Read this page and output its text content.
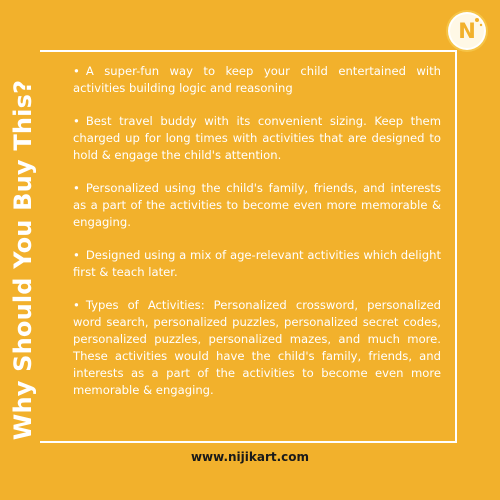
Why Should You Buy This?
N

• A super-fun way to keep your child entertained with activities building logic and reasoning

• Best travel buddy with its convenient sizing. Keep them charged up for long times with activities that are designed to hold & engage the child's attention.

• Personalized using the child's family, friends, and interests as a part of the activities to become even more memorable & engaging.

• Designed using a mix of age-relevant activities which delight first & teach later.

• Types of Activities: Personalized crossword, personalized word search, personalized puzzles, personalized secret codes, personalized puzzles, personalized mazes, and much more. These activities would have the child's family, friends, and interests as a part of the activities to become even more memorable & engaging.

www.nijikart.com
